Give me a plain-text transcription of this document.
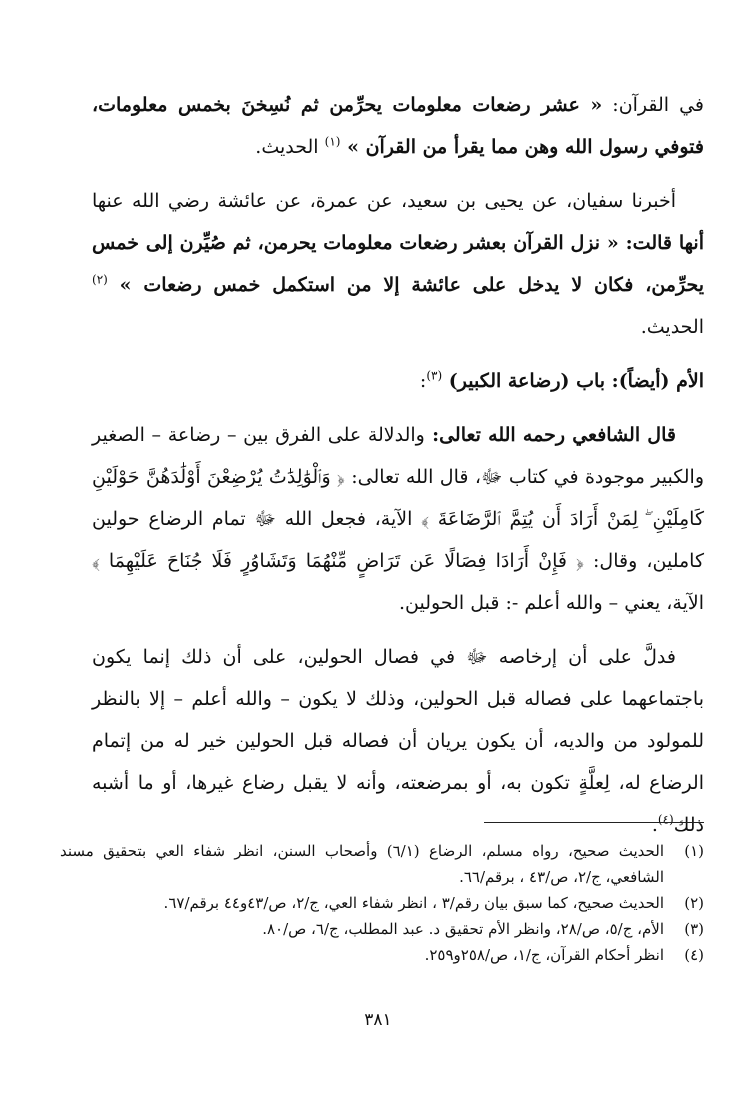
في القرآن: « عشر رضعات معلومات يحرِّمن ثم نُسِخنَ بخمس معلومات، فتوفي رسول الله وهن مما يقرأ من القرآن » $^{(١)}$ الحديث.

أخبرنا سفيان، عن يحيى بن سعيد، عن عمرة، عن عائشة رضي الله عنها أنها قالت: « نزل القرآن بعشر رضعات معلومات يحرمن، ثم صُيِّرن إلى خمس يحرِّمن، فكان لا يدخل على عائشة إلا من استكمل خمس رضعات » $^{(٢)}$ الحديث.

الأم (أيضاً): باب (رضاعة الكبير) $^{(٣)}$:

قال الشافعي رحمه الله تعالى: والدلالة على الفرق بين – رضاعة – الصغير والكبير موجودة في كتاب ﷻ، قال الله تعالى: ﴿ وَٱلْوَٰلِدَٰتُ يُرْضِعْنَ أَوْلَٰدَهُنَّ حَوْلَيْنِ كَامِلَيْنِ ۖ لِمَنْ أَرَادَ أَن يُتِمَّ ٱلرَّضَاعَةَ ﴾ الآية، فجعل الله ﷻ تمام الرضاع حولين كاملين، وقال: ﴿ فَإِنْ أَرَادَا فِصَالًا عَن تَرَاضٍ مِّنْهُمَا وَتَشَاوُرٍ فَلَا جُنَاحَ عَلَيْهِمَا ﴾ الآية، يعني – والله أعلم -: قبل الحولين.

فدلَّ على أن إرخاصه ﷻ في فصال الحولين، على أن ذلك إنما يكون باجتماعهما على فصاله قبل الحولين، وذلك لا يكون – والله أعلم – إلا بالنظر للمولود من والديه، أن يكون يريان أن فصاله قبل الحولين خير له من إتمام الرضاع له، لِعلَّةٍ تكون به، أو بمرضعته، وأنه لا يقبل رضاع غيرها، أو ما أشبه ذلك$^{(٤)}$.

(١)
الحديث صحيح، رواه مسلم، الرضاع (٦/١) وأصحاب السنن، انظر شفاء العي بتحقيق مسند الشافعي، ج/٢، ص/٤٣ ، برقم/٦٦.
(٢)
الحديث صحيح، كما سبق بيان رقم/٣ ، انظر شفاء العي، ج/٢، ص/٤٣و٤٤ برقم/٦٧.
(٣)
الأم، ج/٥، ص/٢٨، وانظر الأم تحقيق د. عبد المطلب، ج/٦، ص/٨٠.
(٤)
انظر أحكام القرآن، ج/١، ص/٢٥٨و٢٥٩.
٣٨١
